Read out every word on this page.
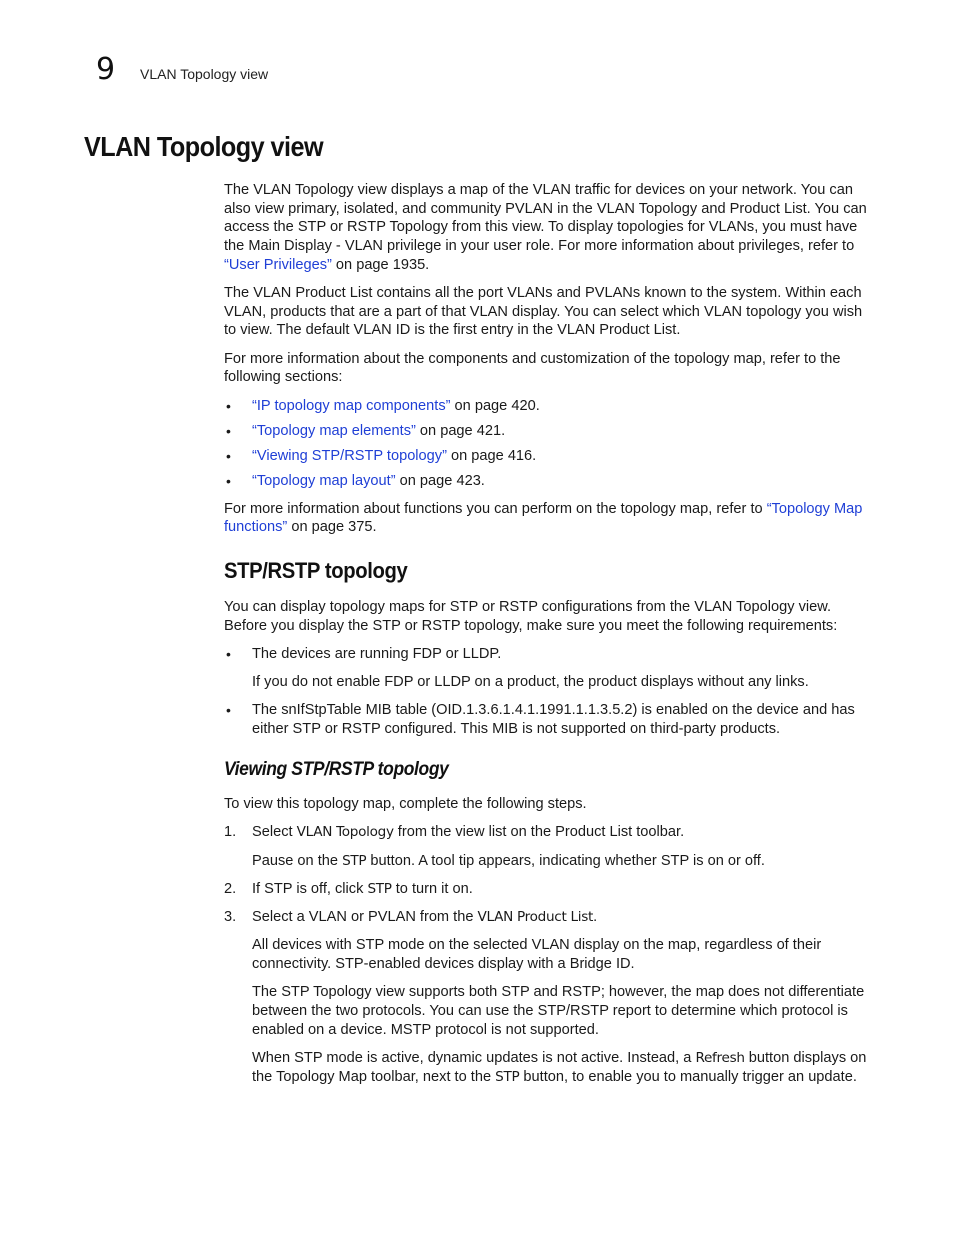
9 VLAN Topology view
VLAN Topology view

The VLAN Topology view displays a map of the VLAN traffic for devices on your network. You can also view primary, isolated, and community PVLAN in the VLAN Topology and Product List. You can access the STP or RSTP Topology from this view. To display topologies for VLANs, you must have the Main Display - VLAN privilege in your user role. For more information about privileges, refer to “User Privileges” on page 1935.

The VLAN Product List contains all the port VLANs and PVLANs known to the system. Within each VLAN, products that are a part of that VLAN display. You can select which VLAN topology you wish to view. The default VLAN ID is the first entry in the VLAN Product List.

For more information about the components and customization of the topology map, refer to the following sections:

• “IP topology map components” on page 420.
• “Topology map elements” on page 421.
• “Viewing STP/RSTP topology” on page 416.
• “Topology map layout” on page 423.

For more information about functions you can perform on the topology map, refer to “Topology Map functions” on page 375.

STP/RSTP topology

You can display topology maps for STP or RSTP configurations from the VLAN Topology view. Before you display the STP or RSTP topology, make sure you meet the following requirements:

• The devices are running FDP or LLDP.

If you do not enable FDP or LLDP on a product, the product displays without any links.

• The snIfStpTable MIB table (OID.1.3.6.1.4.1.1991.1.1.3.5.2) is enabled on the device and has either STP or RSTP configured. This MIB is not supported on third-party products.
Viewing STP/RSTP topology

To view this topology map, complete the following steps.

1. Select VLAN Topology from the view list on the Product List toolbar.

Pause on the STP button. A tool tip appears, indicating whether STP is on or off.

2. If STP is off, click STP to turn it on.

3. Select a VLAN or PVLAN from the VLAN Product List.

All devices with STP mode on the selected VLAN display on the map, regardless of their connectivity. STP-enabled devices display with a Bridge ID.

The STP Topology view supports both STP and RSTP; however, the map does not differentiate between the two protocols. You can use the STP/RSTP report to determine which protocol is enabled on a device. MSTP protocol is not supported.

When STP mode is active, dynamic updates is not active. Instead, a Refresh button displays on the Topology Map toolbar, next to the STP button, to enable you to manually trigger an update.
